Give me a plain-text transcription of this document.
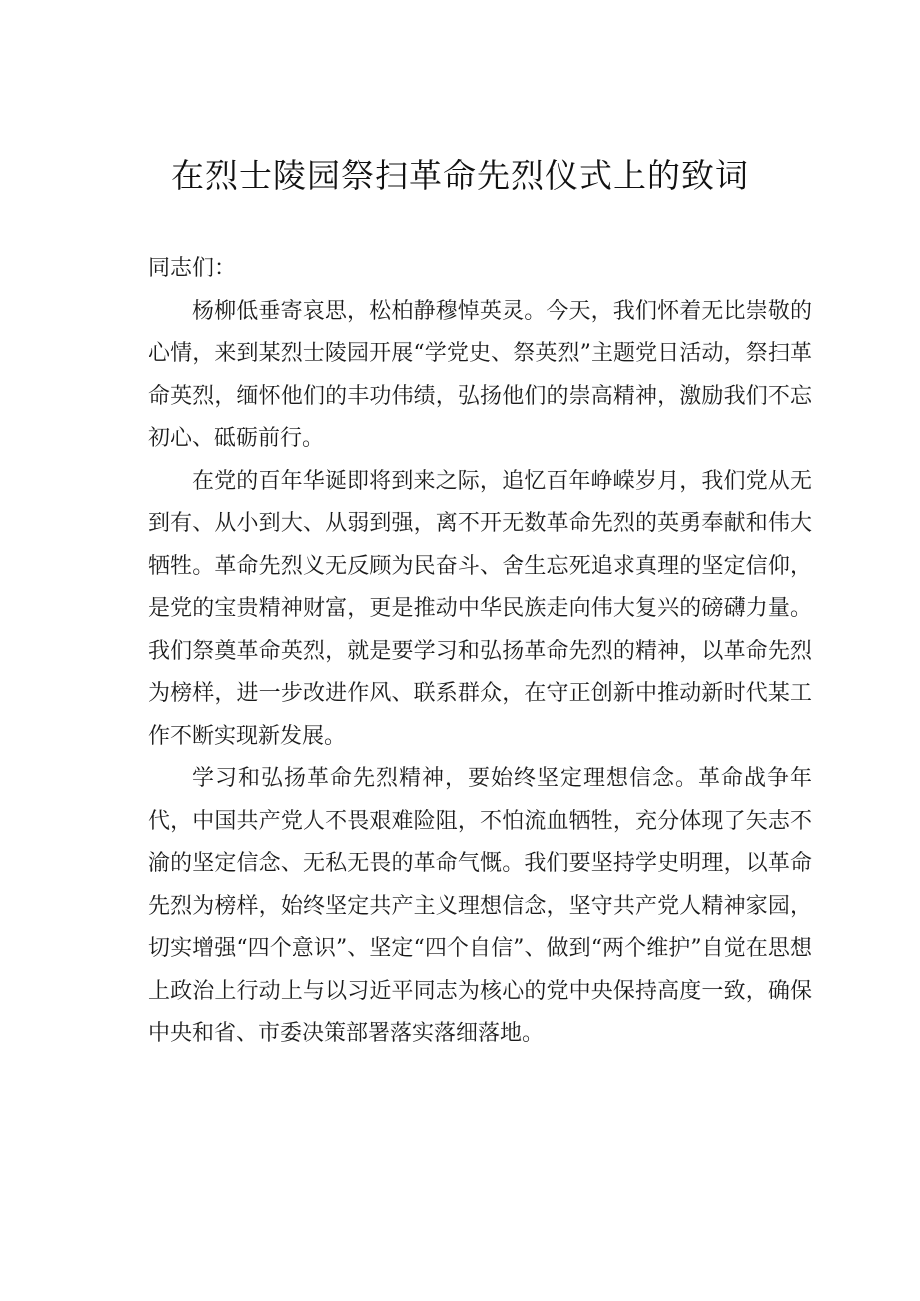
在烈士陵园祭扫革命先烈仪式上的致词

同志们：

杨柳低垂寄哀思，松柏静穆悼英灵。今天，我们怀着无比崇敬的心情，来到某烈士陵园开展“学党史、祭英烈”主题党日活动，祭扫革命英烈，缅怀他们的丰功伟绩，弘扬他们的崇高精神，激励我们不忘初心、砥砺前行。

在党的百年华诞即将到来之际，追忆百年峥嵘岁月，我们党从无到有、从小到大、从弱到强，离不开无数革命先烈的英勇奉献和伟大牺牲。革命先烈义无反顾为民奋斗、舍生忘死追求真理的坚定信仰，是党的宝贵精神财富，更是推动中华民族走向伟大复兴的磅礴力量。我们祭奠革命英烈，就是要学习和弘扬革命先烈的精神，以革命先烈为榜样，进一步改进作风、联系群众，在守正创新中推动新时代某工作不断实现新发展。

学习和弘扬革命先烈精神，要始终坚定理想信念。革命战争年代，中国共产党人不畏艰难险阻，不怕流血牺牲，充分体现了矢志不渝的坚定信念、无私无畏的革命气慨。我们要坚持学史明理，以革命先烈为榜样，始终坚定共产主义理想信念，坚守共产党人精神家园，切实增强“四个意识”、坚定“四个自信”、做到“两个维护”自觉在思想上政治上行动上与以习近平同志为核心的党中央保持高度一致，确保中央和省、市委决策部署落实落细落地。
